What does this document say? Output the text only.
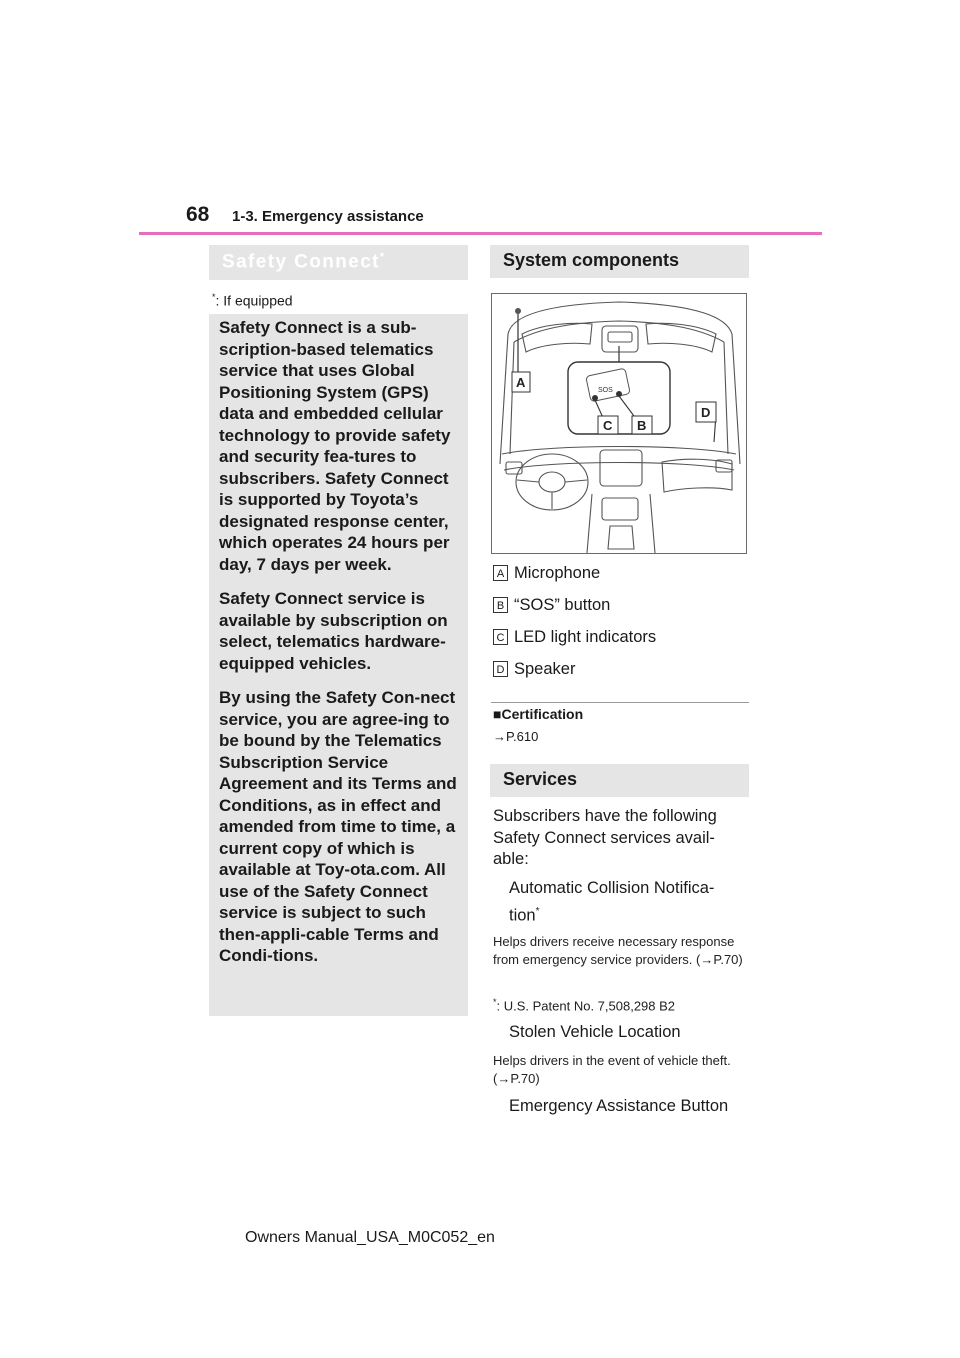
68 1-3. Emergency assistance
Safety Connect*
*: If equipped

Safety Connect is a sub-scription-based telematics service that uses Global Positioning System (GPS) data and embedded cellular technology to provide safety and security fea-tures to subscribers. Safety Connect is supported by Toyota’s designated response center, which operates 24 hours per day, 7 days per week.

Safety Connect service is available by subscription on select, telematics hardware-equipped vehicles.

By using the Safety Con-nect service, you are agree-ing to be bound by the Telematics Subscription Service Agreement and its Terms and Conditions, as in effect and amended from time to time, a current copy of which is available at Toy-ota.com. All use of the Safety Connect service is subject to such then-appli-cable Terms and Condi-tions.

System components
SOS
A
C B
D
A Microphone
B “SOS” button
C LED light indicators
D Speaker
■Certification
→P.610
Services
Subscribers have the following Safety Connect services avail-able:
Automatic Collision Notifica-tion*
Helps drivers receive necessary response from emergency service providers. (→P.70)
*: U.S. Patent No. 7,508,298 B2
Stolen Vehicle Location
Helps drivers in the event of vehicle theft. (→P.70)
Emergency Assistance Button
Owners Manual_USA_M0C052_en
